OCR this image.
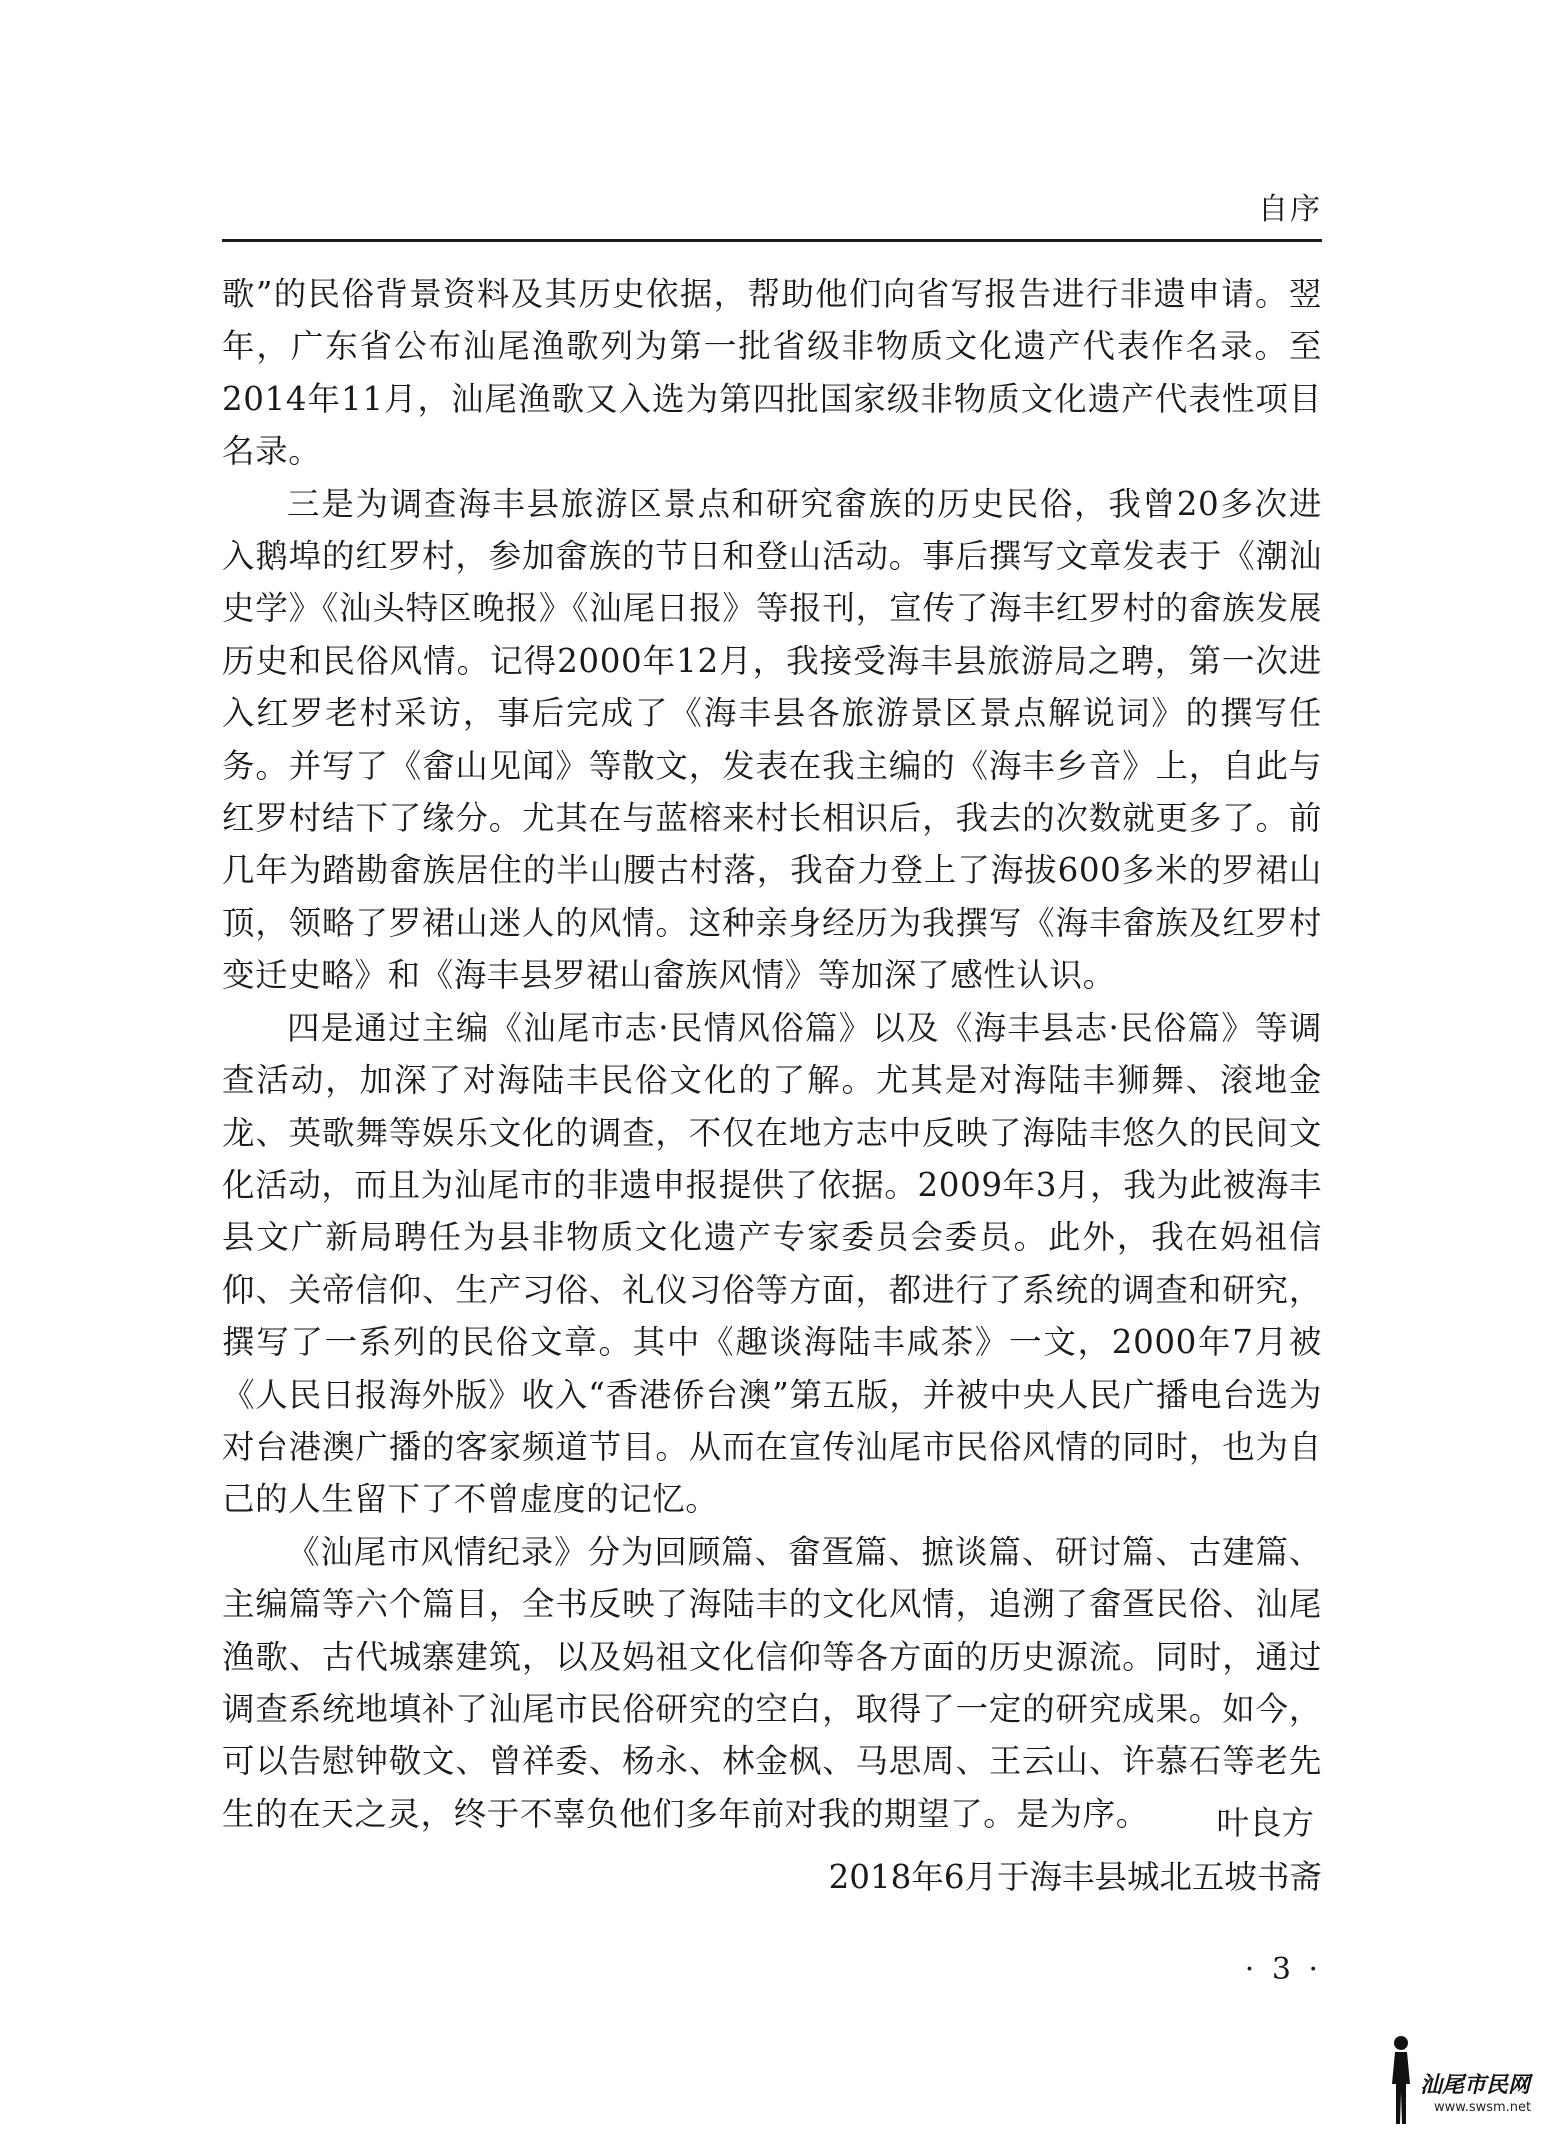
自序

歌”的民俗背景资料及其历史依据，帮助他们向省写报告进行非遗申请。翌年，广东省公布汕尾渔歌列为第一批省级非物质文化遗产代表作名录。至2014年11月，汕尾渔歌又入选为第四批国家级非物质文化遗产代表性项目名录。

三是为调查海丰县旅游区景点和研究畲族的历史民俗，我曾20多次进入鹅埠的红罗村，参加畲族的节日和登山活动。事后撰写文章发表于《潮汕史学》《汕头特区晚报》《汕尾日报》等报刊，宣传了海丰红罗村的畲族发展历史和民俗风情。记得2000年12月，我接受海丰县旅游局之聘，第一次进入红罗老村采访，事后完成了《海丰县各旅游景区景点解说词》的撰写任务。并写了《畲山见闻》等散文，发表在我主编的《海丰乡音》上，自此与红罗村结下了缘分。尤其在与蓝榕来村长相识后，我去的次数就更多了。前几年为踏勘畲族居住的半山腰古村落，我奋力登上了海拔600多米的罗裙山顶，领略了罗裙山迷人的风情。这种亲身经历为我撰写《海丰畲族及红罗村变迁史略》和《海丰县罗裙山畲族风情》等加深了感性认识。

四是通过主编《汕尾市志·民情风俗篇》以及《海丰县志·民俗篇》等调查活动，加深了对海陆丰民俗文化的了解。尤其是对海陆丰狮舞、滚地金龙、英歌舞等娱乐文化的调查，不仅在地方志中反映了海陆丰悠久的民间文化活动，而且为汕尾市的非遗申报提供了依据。2009年3月，我为此被海丰县文广新局聘任为县非物质文化遗产专家委员会委员。此外，我在妈祖信仰、关帝信仰、生产习俗、礼仪习俗等方面，都进行了系统的调查和研究，撰写了一系列的民俗文章。其中《趣谈海陆丰咸茶》一文，2000年7月被《人民日报海外版》收入“香港侨台澳”第五版，并被中央人民广播电台选为对台港澳广播的客家频道节目。从而在宣传汕尾市民俗风情的同时，也为自己的人生留下了不曾虚度的记忆。

《汕尾市风情纪录》分为回顾篇、畲疍篇、摭谈篇、研讨篇、古建篇、主编篇等六个篇目，全书反映了海陆丰的文化风情，追溯了畲疍民俗、汕尾渔歌、古代城寨建筑，以及妈祖文化信仰等各方面的历史源流。同时，通过调查系统地填补了汕尾市民俗研究的空白，取得了一定的研究成果。如今，可以告慰钟敬文、曾祥委、杨永、林金枫、马思周、王云山、许慕石等老先生的在天之灵，终于不辜负他们多年前对我的期望了。是为序。	叶良方
2018年6月于海丰县城北五坡书斋
· 3 ·
汕尾市民网
www.swsm.net
